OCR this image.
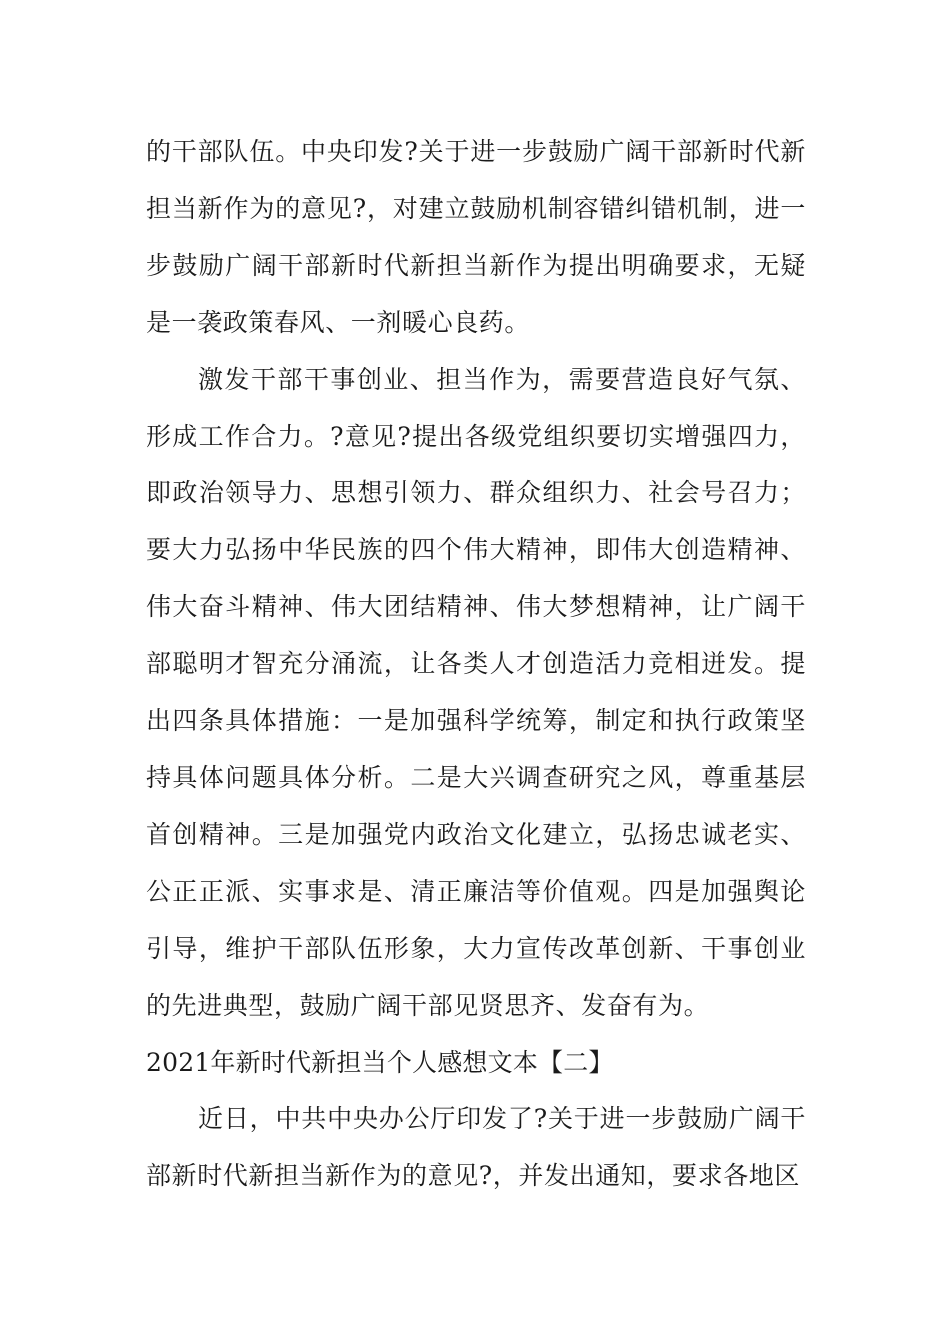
的干部队伍。中央印发?关于进一步鼓励广阔干部新时代新担当新作为的意见?，对建立鼓励机制容错纠错机制，进一步鼓励广阔干部新时代新担当新作为提出明确要求，无疑是一袭政策春风、一剂暖心良药。

激发干部干事创业、担当作为，需要营造良好气氛、形成工作合力。?意见?提出各级党组织要切实增强四力，即政治领导力、思想引领力、群众组织力、社会号召力；要大力弘扬中华民族的四个伟大精神，即伟大创造精神、伟大奋斗精神、伟大团结精神、伟大梦想精神，让广阔干部聪明才智充分涌流，让各类人才创造活力竞相迸发。提出四条具体措施：一是加强科学统筹，制定和执行政策坚持具体问题具体分析。二是大兴调查研究之风，尊重基层首创精神。三是加强党内政治文化建立，弘扬忠诚老实、公正正派、实事求是、清正廉洁等价值观。四是加强舆论引导，维护干部队伍形象，大力宣传改革创新、干事创业的先进典型，鼓励广阔干部见贤思齐、发奋有为。

2021年新时代新担当个人感想文本【二】

近日，中共中央办公厅印发了?关于进一步鼓励广阔干部新时代新担当新作为的意见?，并发出通知，要求各地区
